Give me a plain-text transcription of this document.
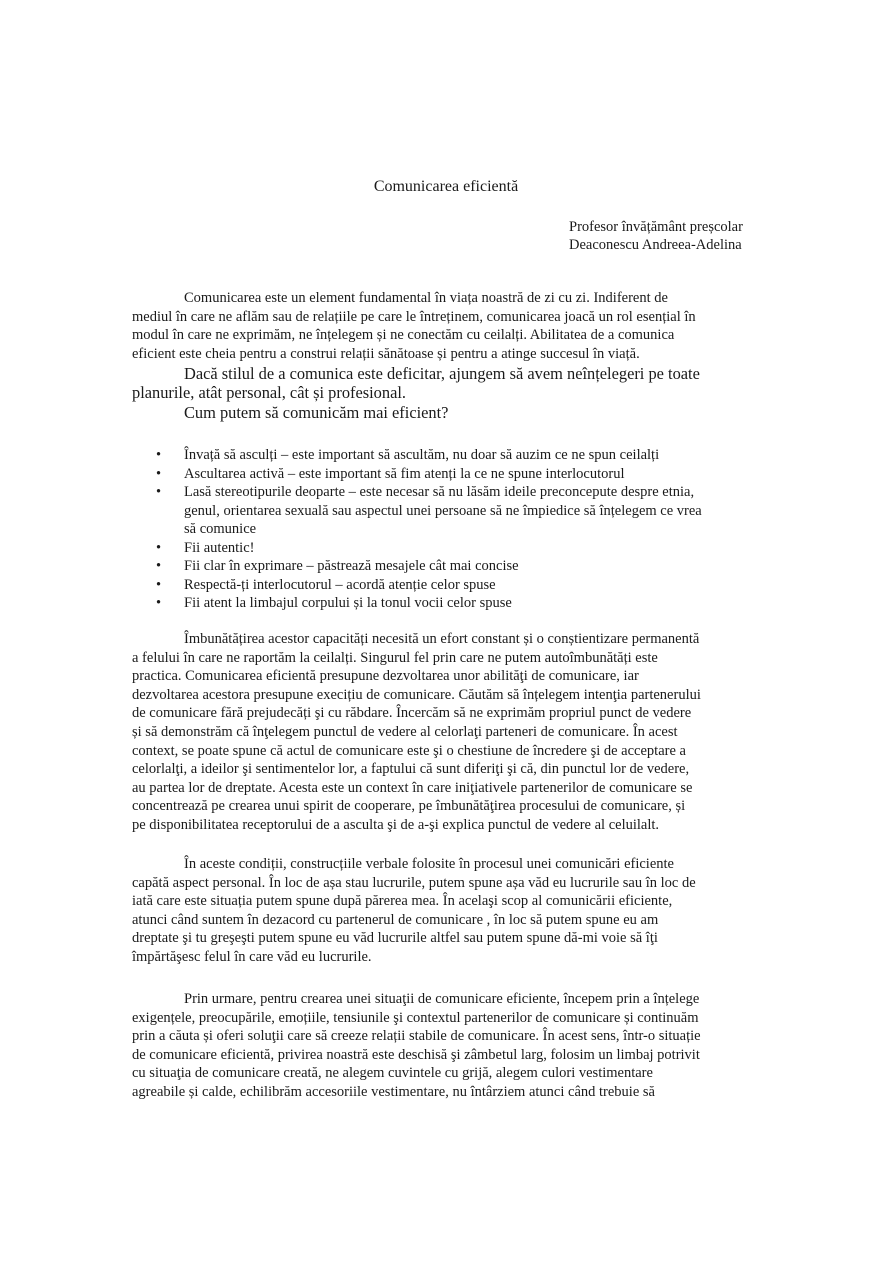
Comunicarea eficientă
Profesor învățământ preșcolar
Deaconescu Andreea-Adelina
Comunicarea este un element fundamental în viața noastră de zi cu zi. Indiferent de
mediul în care ne aflăm sau de relațiile pe care le întreținem, comunicarea joacă un rol esențial în
modul în care ne exprimăm, ne înțelegem și ne conectăm cu ceilalți. Abilitatea de a comunica
eficient este cheia pentru a construi relații sănătoase și pentru a atinge succesul în viață.
Dacă stilul de a comunica este deficitar, ajungem să avem neînțelegeri pe toate
planurile, atât personal, cât și profesional.
Cum putem să comunicăm mai eficient?
• Învață să asculți – este important să ascultăm, nu doar să auzim ce ne spun ceilalți
• Ascultarea activă – este important să fim atenți la ce ne spune interlocutorul
• Lasă stereotipurile deoparte – este necesar să nu lăsăm ideile preconcepute despre etnia,
genul, orientarea sexuală sau aspectul unei persoane să ne împiedice să înțelegem ce vrea
să comunice
• Fii autentic!
• Fii clar în exprimare – păstrează mesajele cât mai concise
• Respectă-ți interlocutorul – acordă atenție celor spuse
• Fii atent la limbajul corpului și la tonul vocii celor spuse
Îmbunătățirea acestor capacități necesită un efort constant și o conștientizare permanentă
a felului în care ne raportăm la ceilalți. Singurul fel prin care ne putem autoîmbunătăți este
practica. Comunicarea eficientă presupune dezvoltarea unor abilităţi de comunicare, iar
dezvoltarea acestora presupune execițiu de comunicare. Căutăm să înțelegem intenţia partenerului
de comunicare fără prejudecăți şi cu răbdare. Încercăm să ne exprimăm propriul punct de vedere
și să demonstrăm că înţelegem punctul de vedere al celorlaţi parteneri de comunicare. În acest
context, se poate spune că actul de comunicare este şi o chestiune de încredere şi de acceptare a
celorlalţi, a ideilor şi sentimentelor lor, a faptului că sunt diferiţi şi că, din punctul lor de vedere,
au partea lor de dreptate. Acesta este un context în care iniţiativele partenerilor de comunicare se
concentrează pe crearea unui spirit de cooperare, pe îmbunătăţirea procesului de comunicare, și
pe disponibilitatea receptorului de a asculta şi de a-şi explica punctul de vedere al celuilalt.
În aceste condiții, construcțiile verbale folosite în procesul unei comunicări eficiente
capătă aspect personal. În loc de așa stau lucrurile, putem spune așa văd eu lucrurile sau în loc de
iată care este situația putem spune după părerea mea. În acelaşi scop al comunicării eficiente,
atunci când suntem în dezacord cu partenerul de comunicare , în loc să putem spune eu am
dreptate şi tu greşeşti putem spune eu văd lucrurile altfel sau putem spune dă-mi voie să îţi
împărtăşesc felul în care văd eu lucrurile.
Prin urmare, pentru crearea unei situaţii de comunicare eficiente, începem prin a înțelege
exigențele, preocupările, emoțiile, tensiunile şi contextul partenerilor de comunicare și continuăm
prin a căuta și oferi soluţii care să creeze relații stabile de comunicare. În acest sens, într-o situație
de comunicare eficientă, privirea noastră este deschisă şi zâmbetul larg, folosim un limbaj potrivit
cu situaţia de comunicare creată, ne alegem cuvintele cu grijă, alegem culori vestimentare
agreabile și calde, echilibrăm accesoriile vestimentare, nu întârziem atunci când trebuie să
